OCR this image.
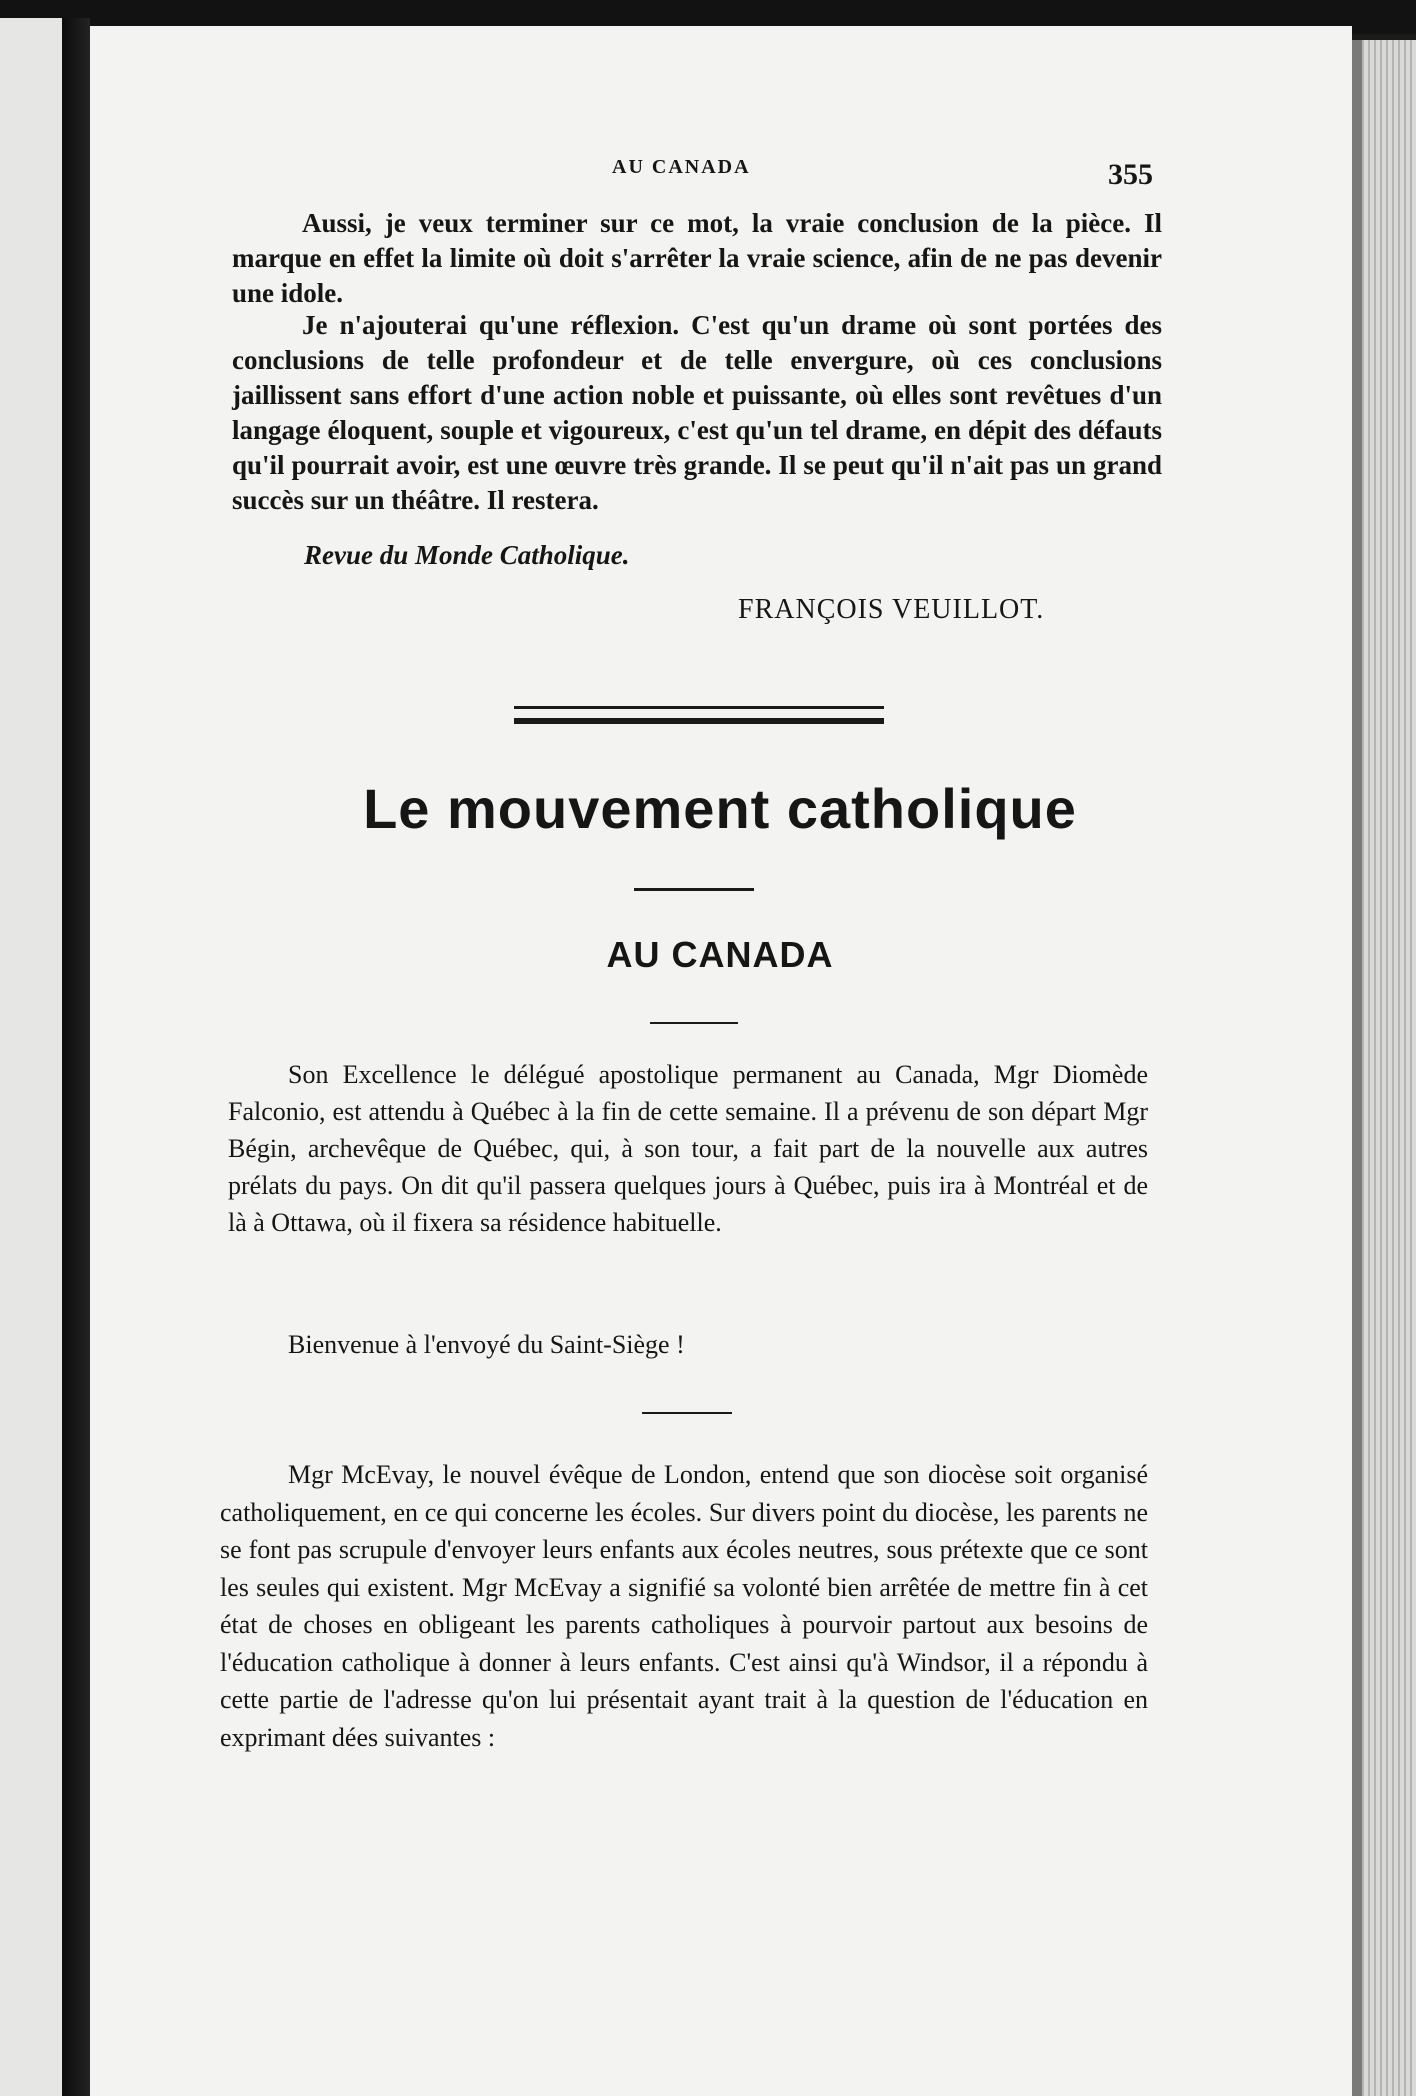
AU CANADA	355

Aussi, je veux terminer sur ce mot, la vraie conclusion de la pièce. Il marque en effet la limite où doit s'arrêter la vraie science, afin de ne pas devenir une idole.

Je n'ajouterai qu'une réflexion. C'est qu'un drame où sont portées des conclusions de telle profondeur et de telle envergure, où ces conclusions jaillissent sans effort d'une action noble et puissante, où elles sont revêtues d'un langage éloquent, souple et vigoureux, c'est qu'un tel drame, en dépit des défauts qu'il pourrait avoir, est une œuvre très grande. Il se peut qu'il n'ait pas un grand succès sur un théâtre. Il restera.

Revue du Monde Catholique.
FRANÇOIS VEUILLOT.
Le mouvement catholique
AU CANADA

Son Excellence le délégué apostolique permanent au Canada, Mgr Diomède Falconio, est attendu à Québec à la fin de cette semaine. Il a prévenu de son départ Mgr Bégin, archevêque de Québec, qui, à son tour, a fait part de la nouvelle aux autres prélats du pays. On dit qu'il passera quelques jours à Québec, puis ira à Montréal et de là à Ottawa, où il fixera sa résidence habituelle.

Bienvenue à l'envoyé du Saint-Siège !

Mgr McEvay, le nouvel évêque de London, entend que son diocèse soit organisé catholiquement, en ce qui concerne les écoles. Sur divers point du diocèse, les parents ne se font pas scrupule d'envoyer leurs enfants aux écoles neutres, sous prétexte que ce sont les seules qui existent. Mgr McEvay a signifié sa volonté bien arrêtée de mettre fin à cet état de choses en obligeant les parents catholiques à pourvoir partout aux besoins de l'éducation catholique à donner à leurs enfants. C'est ainsi qu'à Windsor, il a répondu à cette partie de l'adresse qu'on lui présentait ayant trait à la question de l'éducation en exprimant dées suivantes :
